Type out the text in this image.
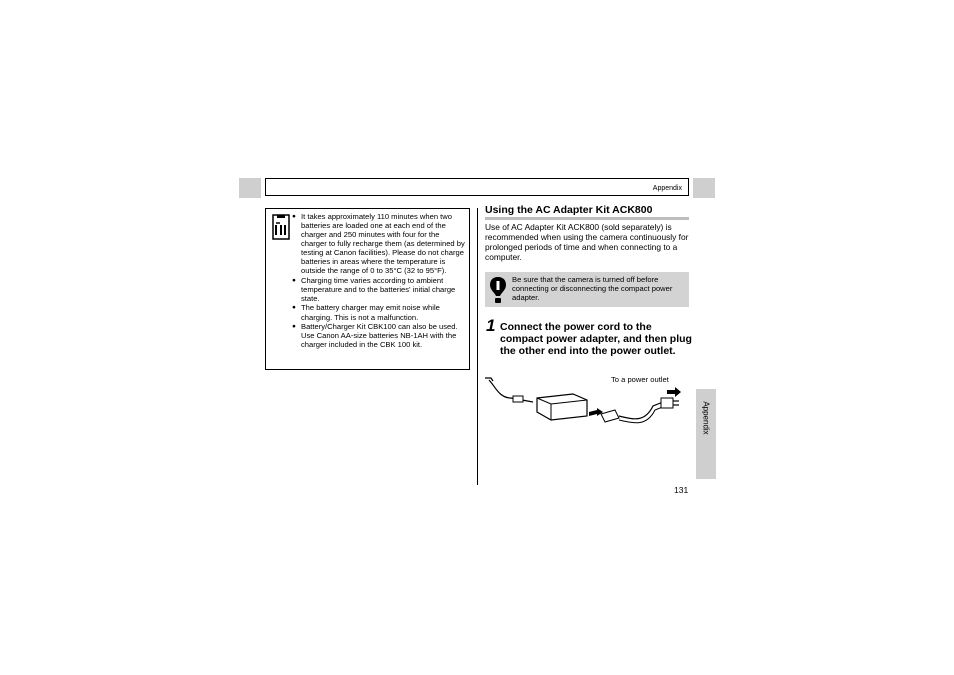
Appendix
● It takes approximately 110 minutes when two batteries are loaded one at each end of the charger and 250 minutes with four for the charger to fully recharge them (as determined by testing at Canon facilities). Please do not charge batteries in areas where the temperature is outside the range of 0 to 35°C (32 to 95°F).
● Charging time varies according to ambient temperature and to the batteries' initial charge state.
● The battery charger may emit noise while charging. This is not a malfunction.
● Battery/Charger Kit CBK100 can also be used. Use Canon AA-size batteries NB-1AH with the charger included in the CBK 100 kit.
Using the AC Adapter Kit ACK800

Use of AC Adapter Kit ACK800 (sold separately) is recommended when using the camera continuously for prolonged periods of time and when connecting to a computer.

Be sure that the camera is turned off before connecting or disconnecting the compact power adapter.

1 Connect the power cord to the compact power adapter, and then plug the other end into the power outlet.

To a power outlet
131
Appendix
